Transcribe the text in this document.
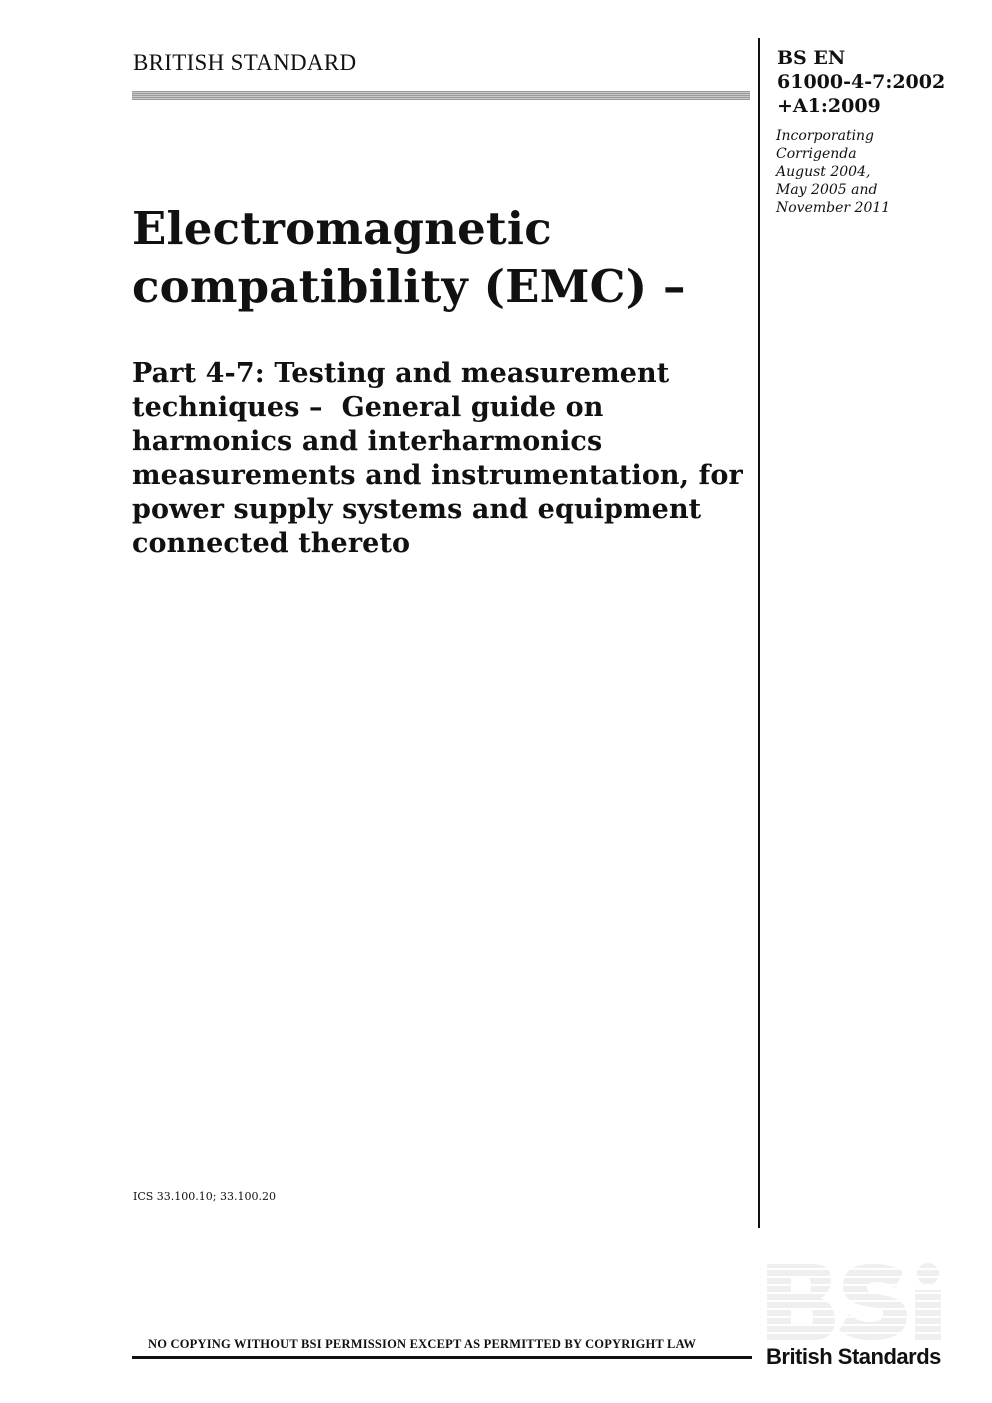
BRITISH STANDARD	BS EN
61000-4-7:2002
+A1:2009
Incorporating
Corrigenda
August 2004,
May 2005 and
November 2011
Electromagnetic
compatibility (EMC) –
Part 4-7: Testing and measurement
techniques –  General guide on
harmonics and interharmonics
measurements and instrumentation, for
power supply systems and equipment
connected thereto
ICS 33.100.10; 33.100.20
NO COPYING WITHOUT BSI PERMISSION EXCEPT AS PERMITTED BY COPYRIGHT LAW	British Standards
